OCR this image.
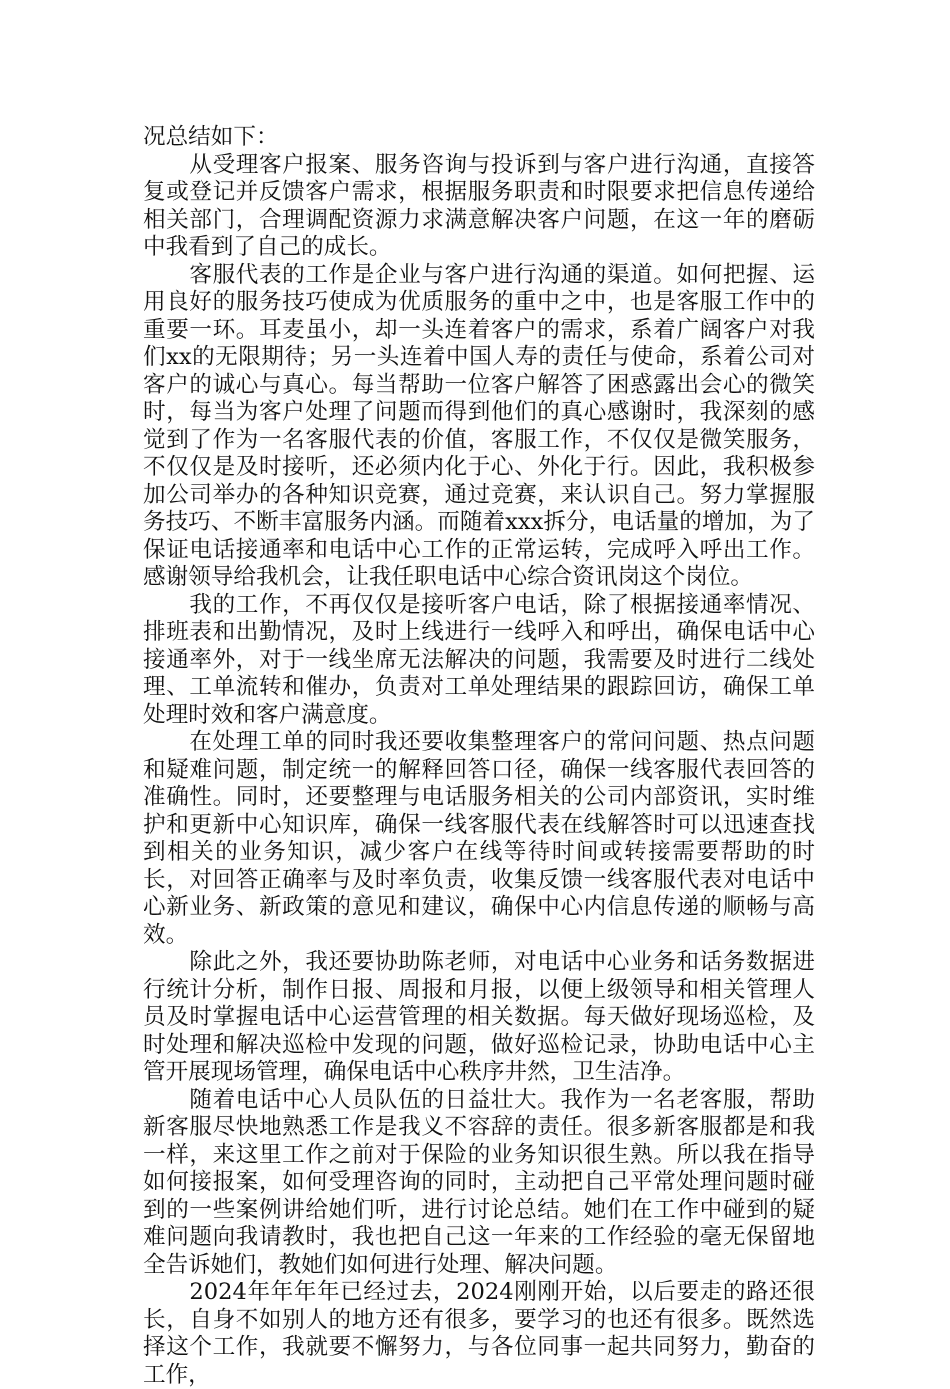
况总结如下：

　　从受理客户报案、服务咨询与投诉到与客户进行沟通，直接答复或登记并反馈客户需求，根据服务职责和时限要求把信息传递给相关部门，合理调配资源力求满意解决客户问题，在这一年的磨砺中我看到了自己的成长。

　　客服代表的工作是企业与客户进行沟通的渠道。如何把握、运用良好的服务技巧使成为优质服务的重中之中，也是客服工作中的重要一环。耳麦虽小，却一头连着客户的需求，系着广阔客户对我们xx的无限期待；另一头连着中国人寿的责任与使命，系着公司对客户的诚心与真心。每当帮助一位客户解答了困惑露出会心的微笑时，每当为客户处理了问题而得到他们的真心感谢时，我深刻的感觉到了作为一名客服代表的价值，客服工作，不仅仅是微笑服务，不仅仅是及时接听，还必须内化于心、外化于行。因此，我积极参加公司举办的各种知识竞赛，通过竞赛，来认识自己。努力掌握服务技巧、不断丰富服务内涵。而随着xxx拆分，电话量的增加，为了保证电话接通率和电话中心工作的正常运转，完成呼入呼出工作。感谢领导给我机会，让我任职电话中心综合资讯岗这个岗位。

　　我的工作，不再仅仅是接听客户电话，除了根据接通率情况、排班表和出勤情况，及时上线进行一线呼入和呼出，确保电话中心接通率外，对于一线坐席无法解决的问题，我需要及时进行二线处理、工单流转和催办，负责对工单处理结果的跟踪回访，确保工单处理时效和客户满意度。

　　在处理工单的同时我还要收集整理客户的常问问题、热点问题和疑难问题，制定统一的解释回答口径，确保一线客服代表回答的准确性。同时，还要整理与电话服务相关的公司内部资讯，实时维护和更新中心知识库，确保一线客服代表在线解答时可以迅速查找到相关的业务知识，减少客户在线等待时间或转接需要帮助的时长，对回答正确率与及时率负责，收集反馈一线客服代表对电话中心新业务、新政策的意见和建议，确保中心内信息传递的顺畅与高效。

　　除此之外，我还要协助陈老师，对电话中心业务和话务数据进行统计分析，制作日报、周报和月报，以便上级领导和相关管理人员及时掌握电话中心运营管理的相关数据。每天做好现场巡检，及时处理和解决巡检中发现的问题，做好巡检记录，协助电话中心主管开展现场管理，确保电话中心秩序井然，卫生洁净。

　　随着电话中心人员队伍的日益壮大。我作为一名老客服，帮助新客服尽快地熟悉工作是我义不容辞的责任。很多新客服都是和我一样，来这里工作之前对于保险的业务知识很生熟。所以我在指导如何接报案，如何受理咨询的同时，主动把自己平常处理问题时碰到的一些案例讲给她们听，进行讨论总结。她们在工作中碰到的疑难问题向我请教时，我也把自己这一年来的工作经验的毫无保留地全告诉她们，教她们如何进行处理、解决问题。

　　2024年年年年已经过去，2024刚刚开始，以后要走的路还很长，自身不如别人的地方还有很多，要学习的也还有很多。既然选择这个工作，我就要不懈努力，与各位同事一起共同努力，勤奋的工作，
